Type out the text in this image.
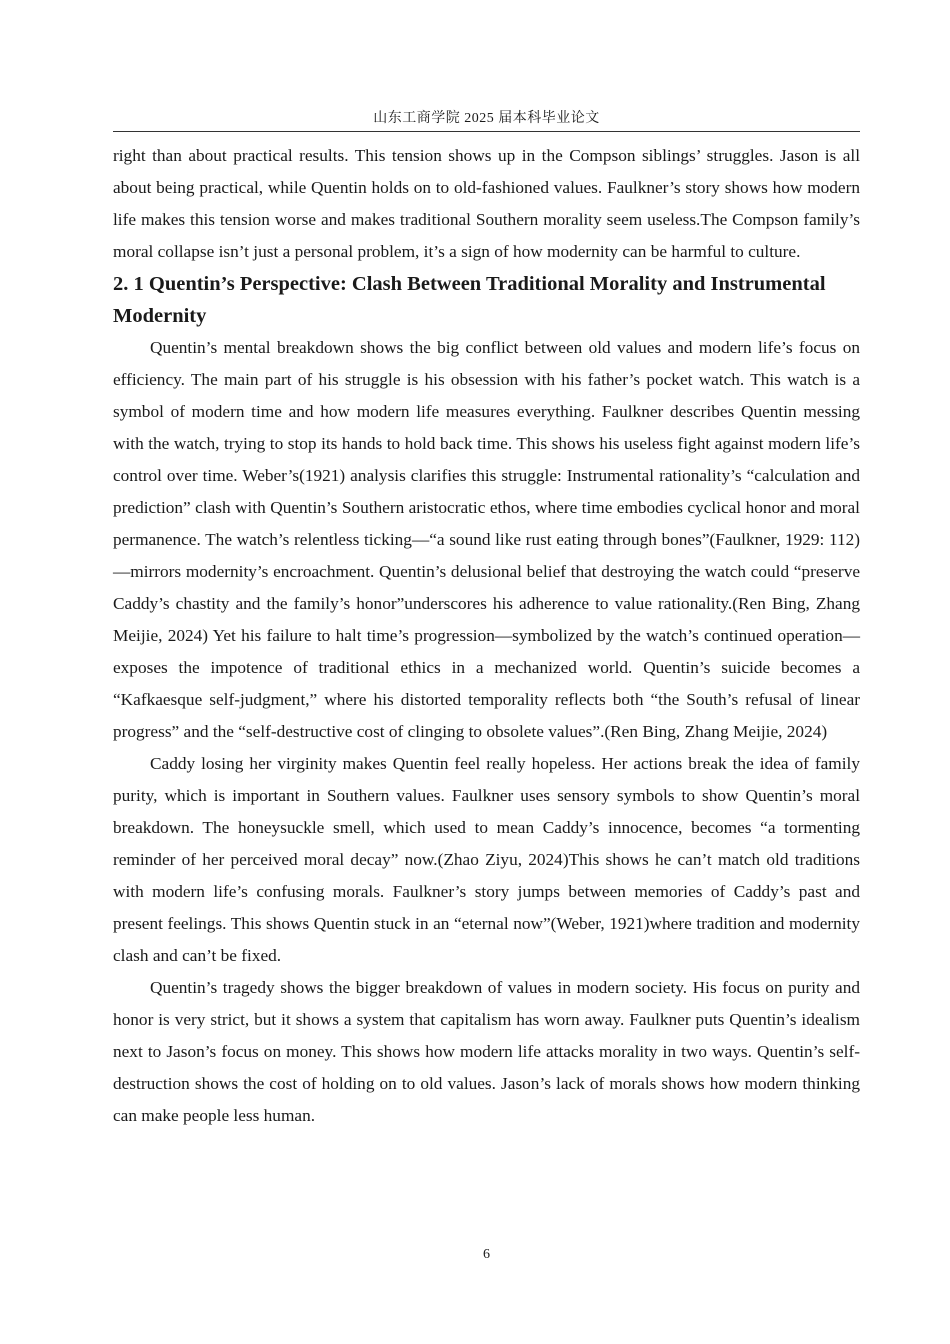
山东工商学院 2025 届本科毕业论文

right than about practical results. This tension shows up in the Compson siblings’ struggles. Jason is all about being practical, while Quentin holds on to old-fashioned values. Faulkner’s story shows how modern life makes this tension worse and makes traditional Southern morality seem useless.The Compson family’s moral collapse isn’t just a personal problem, it’s a sign of how modernity can be harmful to culture.

2. 1 Quentin’s Perspective: Clash Between Traditional Morality and Instrumental Modernity

Quentin’s mental breakdown shows the big conflict between old values and modern life’s focus on efficiency. The main part of his struggle is his obsession with his father’s pocket watch. This watch is a symbol of modern time and how modern life measures everything. Faulkner describes Quentin messing with the watch, trying to stop its hands to hold back time. This shows his useless fight against modern life’s control over time. Weber’s(1921) analysis clarifies this struggle: Instrumental rationality’s “calculation and prediction” clash with Quentin’s Southern aristocratic ethos, where time embodies cyclical honor and moral permanence. The watch’s relentless ticking—“a sound like rust eating through bones”(Faulkner, 1929: 112)—mirrors modernity’s encroachment. Quentin’s delusional belief that destroying the watch could “preserve Caddy’s chastity and the family’s honor”underscores his adherence to value rationality.(Ren Bing, Zhang Meijie, 2024) Yet his failure to halt time’s progression—symbolized by the watch’s continued operation—exposes the impotence of traditional ethics in a mechanized world. Quentin’s suicide becomes a “Kafkaesque self-judgment,” where his distorted temporality reflects both “the South’s refusal of linear progress” and the “self-destructive cost of clinging to obsolete values”.(Ren Bing, Zhang Meijie, 2024)

Caddy losing her virginity makes Quentin feel really hopeless. Her actions break the idea of family purity, which is important in Southern values. Faulkner uses sensory symbols to show Quentin’s moral breakdown. The honeysuckle smell, which used to mean Caddy’s innocence, becomes “a tormenting reminder of her perceived moral decay” now.(Zhao Ziyu, 2024)This shows he can’t match old traditions with modern life’s confusing morals. Faulkner’s story jumps between memories of Caddy’s past and present feelings. This shows Quentin stuck in an “eternal now”(Weber, 1921)where tradition and modernity clash and can’t be fixed.

Quentin’s tragedy shows the bigger breakdown of values in modern society. His focus on purity and honor is very strict, but it shows a system that capitalism has worn away. Faulkner puts Quentin’s idealism next to Jason’s focus on money. This shows how modern life attacks morality in two ways. Quentin’s self-destruction shows the cost of holding on to old values. Jason’s lack of morals shows how modern thinking can make people less human.

6
